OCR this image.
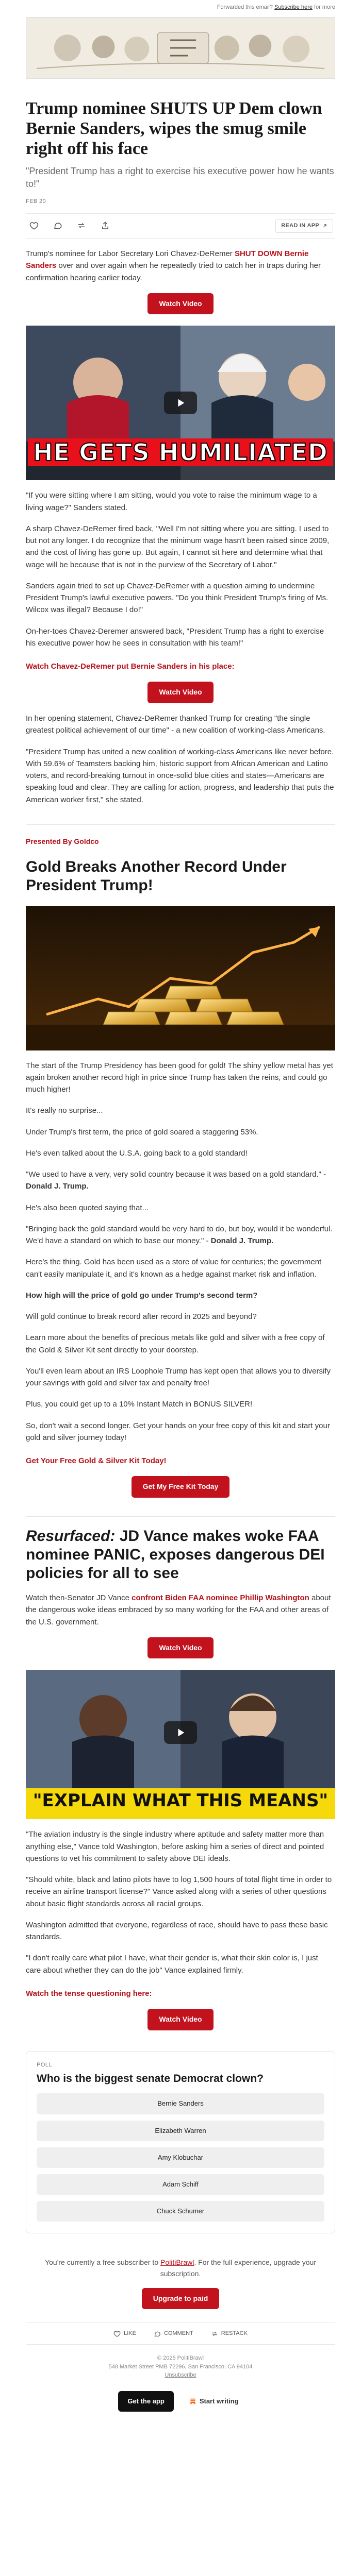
Forwarded this email? Subscribe here for more
Trump nominee SHUTS UP Dem clown Bernie Sanders, wipes the smug smile right off his face
"President Trump has a right to exercise his executive power how he wants to!"
FEB 20
READ IN APP

Trump's nominee for Labor Secretary Lori Chavez-DeRemer SHUT DOWN Bernie Sanders over and over again when he repeatedly tried to catch her in traps during her confirmation hearing earlier today.

Watch Video
HE GETS HUMILIATED

"If you were sitting where I am sitting, would you vote to raise the minimum wage to a living wage?" Sanders stated.

A sharp Chavez-DeRemer fired back, "Well I'm not sitting where you are sitting. I used to but not any longer. I do recognize that the minimum wage hasn't been raised since 2009, and the cost of living has gone up. But again, I cannot sit here and determine what that wage will be because that is not in the purview of the Secretary of Labor."

Sanders again tried to set up Chavez-DeRemer with a question aiming to undermine President Trump's lawful executive powers. "Do you think President Trump's firing of Ms. Wilcox was illegal? Because I do!"

On-her-toes Chavez-Deremer answered back, "President Trump has a right to exercise his executive power how he sees in consultation with his team!"

Watch Chavez-DeRemer put Bernie Sanders in his place:

Watch Video

In her opening statement, Chavez-DeRemer thanked Trump for creating "the single greatest political achievement of our time" - a new coalition of working-class Americans.

"President Trump has united a new coalition of working-class Americans like never before. With 59.6% of Teamsters backing him, historic support from African American and Latino voters, and record-breaking turnout in once-solid blue cities and states—Americans are speaking loud and clear. They are calling for action, progress, and leadership that puts the American worker first," she stated.

Presented By Goldco
Gold Breaks Another Record Under President Trump!

The start of the Trump Presidency has been good for gold! The shiny yellow metal has yet again broken another record high in price since Trump has taken the reins, and could go much higher!

It's really no surprise...

Under Trump's first term, the price of gold soared a staggering 53%.

He's even talked about the U.S.A. going back to a gold standard!

"We used to have a very, very solid country because it was based on a gold standard." - Donald J. Trump.

He's also been quoted saying that...

"Bringing back the gold standard would be very hard to do, but boy, would it be wonderful. We'd have a standard on which to base our money." - Donald J. Trump.

Here's the thing. Gold has been used as a store of value for centuries; the government can't easily manipulate it, and it's known as a hedge against market risk and inflation.

How high will the price of gold go under Trump's second term?

Will gold continue to break record after record in 2025 and beyond?

Learn more about the benefits of precious metals like gold and silver with a free copy of the Gold & Silver Kit sent directly to your doorstep.

You'll even learn about an IRS Loophole Trump has kept open that allows you to diversify your savings with gold and silver tax and penalty free!

Plus, you could get up to a 10% Instant Match in BONUS SILVER!

So, don't wait a second longer. Get your hands on your free copy of this kit and start your gold and silver journey today!

Get Your Free Gold & Silver Kit Today!

Get My Free Kit Today
Resurfaced: JD Vance makes woke FAA nominee PANIC, exposes dangerous DEI policies for all to see

Watch then-Senator JD Vance confront Biden FAA nominee Phillip Washington about the dangerous woke ideas embraced by so many working for the FAA and other areas of the U.S. government.

Watch Video
"EXPLAIN WHAT THIS MEANS"

"The aviation industry is the single industry where aptitude and safety matter more than anything else," Vance told Washington, before asking him a series of direct and pointed questions to vet his commitment to safety above DEI ideals.

"Should white, black and latino pilots have to log 1,500 hours of total flight time in order to receive an airline transport license?" Vance asked along with a series of other questions about basic flight standards across all racial groups.

Washington admitted that everyone, regardless of race, should have to pass these basic standards.

"I don't really care what pilot I have, what their gender is, what their skin color is, I just care about whether they can do the job" Vance explained firmly.

Watch the tense questioning here:

Watch Video
POLL
Who is the biggest senate Democrat clown?
Bernie Sanders
Elizabeth Warren
Amy Klobuchar
Adam Schiff
Chuck Schumer
You're currently a free subscriber to PolitiBrawl. For the full experience, upgrade your subscription.
Upgrade to paid
LIKE	COMMENT	RESTACK
© 2025 PolitiBrawl
548 Market Street PMB 72296, San Francisco, CA 94104
Unsubscribe
Get the app	Start writing
